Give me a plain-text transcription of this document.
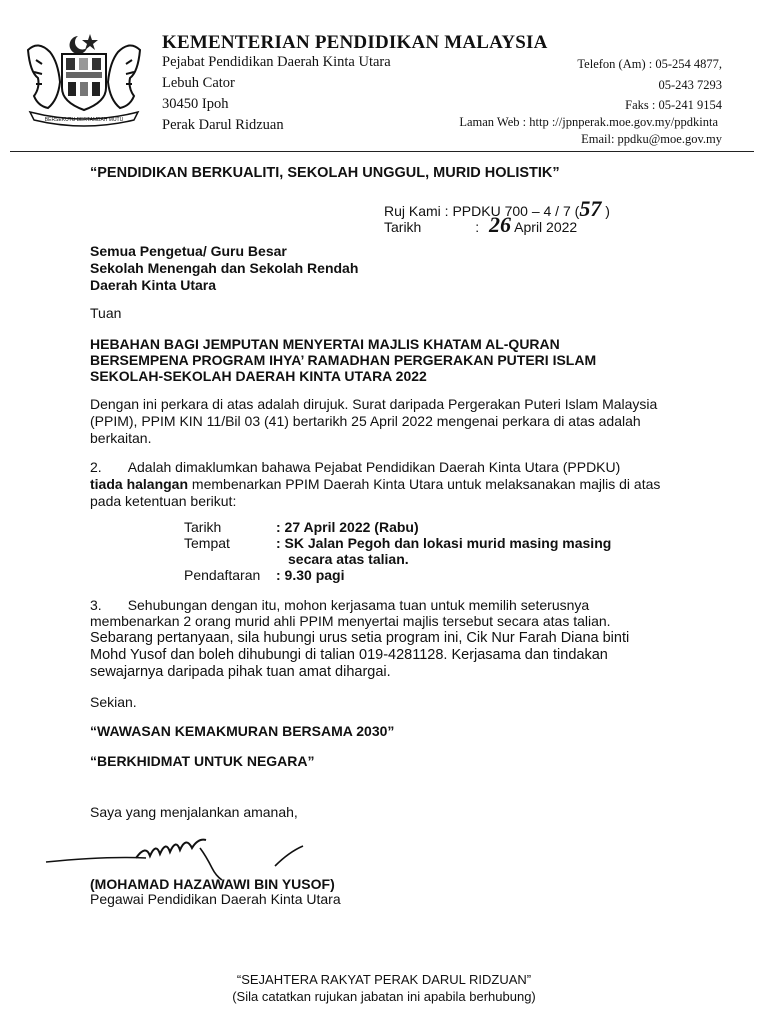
BERSEKUTU BERTAMBAH MUTU
KEMENTERIAN PENDIDIKAN MALAYSIA
Pejabat Pendidikan Daerah Kinta Utara
Lebuh Cator
30450 Ipoh
Perak Darul Ridzuan
Telefon (Am) : 05-254 4877,
05-243 7293
Faks : 05-241 9154
Laman Web : http ://jpnperak.moe.gov.my/ppdkinta
Email: ppdku@moe.gov.my
“PENDIDIKAN BERKUALITI, SEKOLAH UNGGUL, MURID HOLISTIK”
Ruj Kami : PPDKU 700 – 4 / 7 (57 )
Tarikh	: 26 April 2022
Semua Pengetua/ Guru Besar
Sekolah Menengah dan Sekolah Rendah
Daerah Kinta Utara
Tuan
HEBAHAN BAGI JEMPUTAN MENYERTAI MAJLIS KHATAM AL-QURAN
BERSEMPENA PROGRAM IHYA’ RAMADHAN PERGERAKAN PUTERI ISLAM
SEKOLAH-SEKOLAH DAERAH KINTA UTARA 2022
Dengan ini perkara di atas adalah dirujuk. Surat daripada Pergerakan Puteri Islam Malaysia
(PPIM), PPIM KIN 11/Bil 03 (41) bertarikh 25 April 2022 mengenai perkara di atas adalah
berkaitan.
2. Adalah dimaklumkan bahawa Pejabat Pendidikan Daerah Kinta Utara (PPDKU)
tiada halangan membenarkan PPIM Daerah Kinta Utara untuk melaksanakan majlis di atas
pada ketentuan berikut:
Tarikh	: 27 April 2022 (Rabu)
Tempat	: SK Jalan Pegoh dan lokasi murid masing masing
secara atas talian.
Pendaftaran : 9.30 pagi
3. Sehubungan dengan itu, mohon kerjasama tuan untuk memilih seterusnya
membenarkan 2 orang murid ahli PPIM menyertai majlis tersebut secara atas talian.
Sebarang pertanyaan, sila hubungi urus setia program ini, Cik Nur Farah Diana binti
Mohd Yusof dan boleh dihubungi di talian 019-4281128. Kerjasama dan tindakan
sewajarnya daripada pihak tuan amat dihargai.
Sekian.
“WAWASAN KEMAKMURAN BERSAMA 2030”
“BERKHIDMAT UNTUK NEGARA”
Saya yang menjalankan amanah,
(MOHAMAD HAZAWAWI BIN YUSOF)
Pegawai Pendidikan Daerah Kinta Utara
“SEJAHTERA RAKYAT PERAK DARUL RIDZUAN”
(Sila catatkan rujukan jabatan ini apabila berhubung)
